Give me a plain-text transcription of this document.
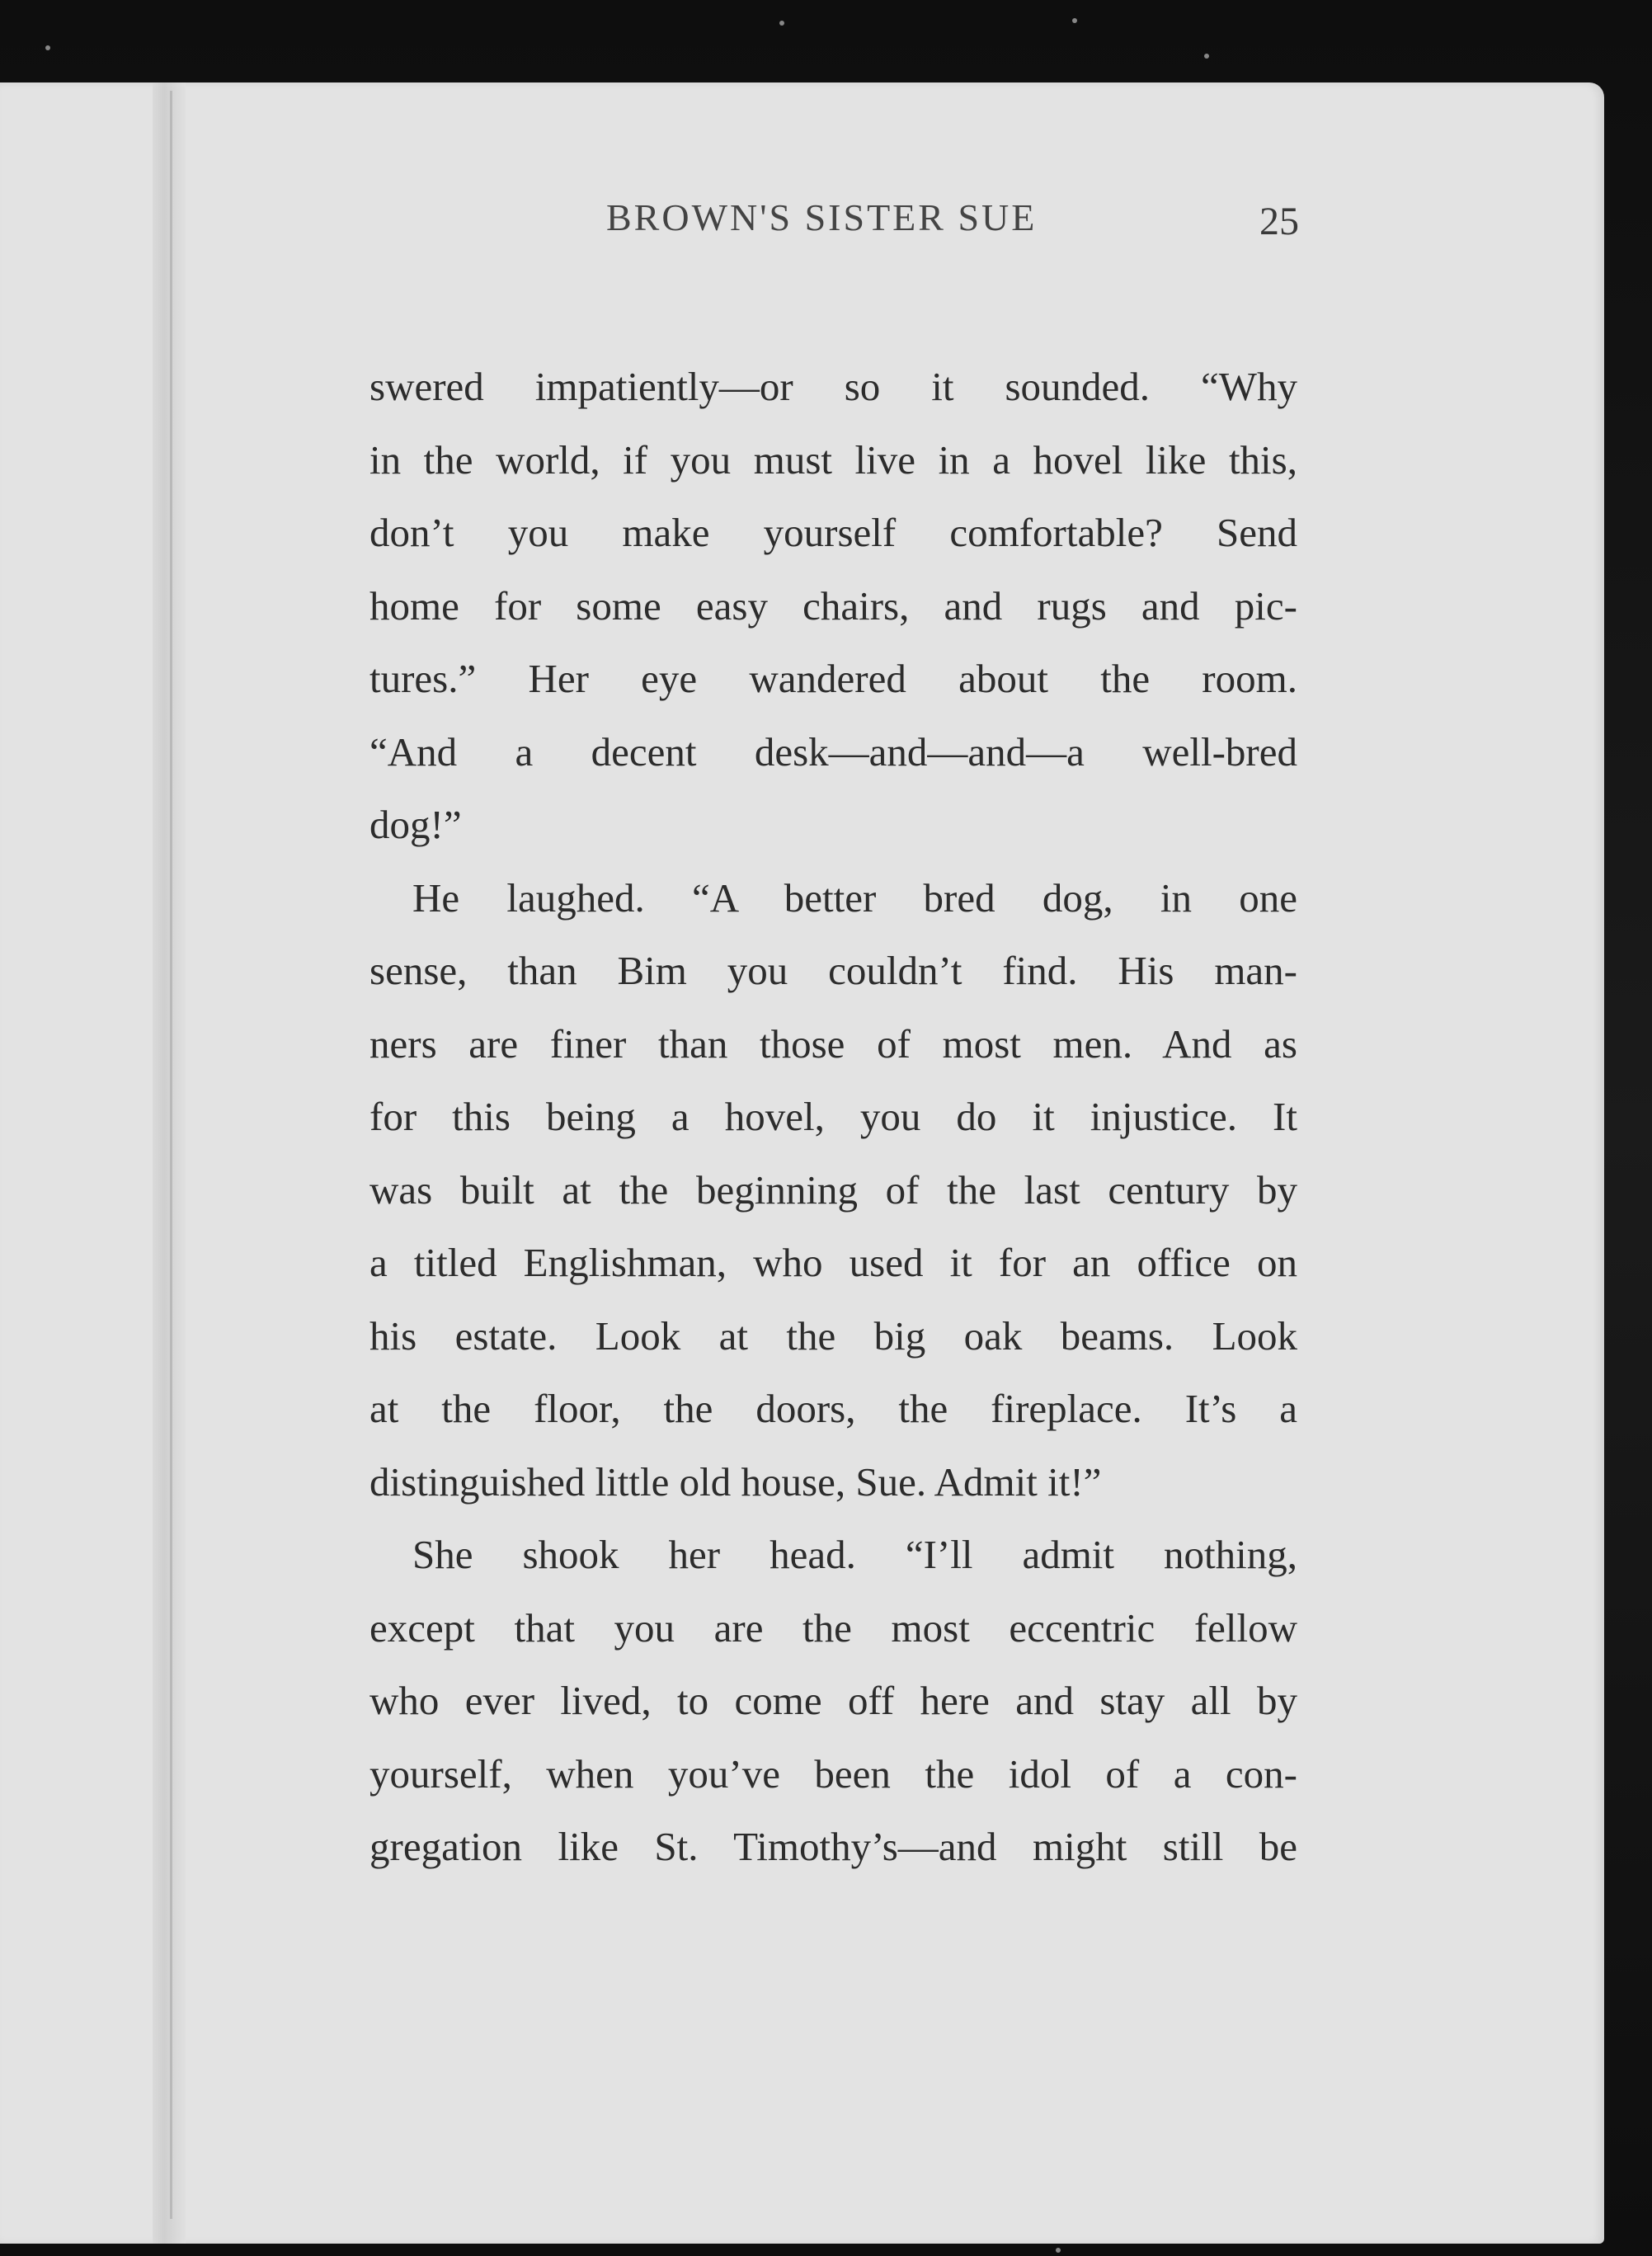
BROWN'S SISTER SUE	25
swered impatiently—or so it sounded. “Why
in the world, if you must live in a hovel like this,
don’t you make yourself comfortable? Send
home for some easy chairs, and rugs and pic-
tures.” Her eye wandered about the room.
“And a decent desk—and—and—a well-bred
dog!”
He laughed. “A better bred dog, in one
sense, than Bim you couldn’t find. His man-
ners are finer than those of most men. And as
for this being a hovel, you do it injustice. It
was built at the beginning of the last century by
a titled Englishman, who used it for an office on
his estate. Look at the big oak beams. Look
at the floor, the doors, the fireplace. It’s a
distinguished little old house, Sue. Admit it!”
She shook her head. “I’ll admit nothing,
except that you are the most eccentric fellow
who ever lived, to come off here and stay all by
yourself, when you’ve been the idol of a con-
gregation like St. Timothy’s—and might still be
